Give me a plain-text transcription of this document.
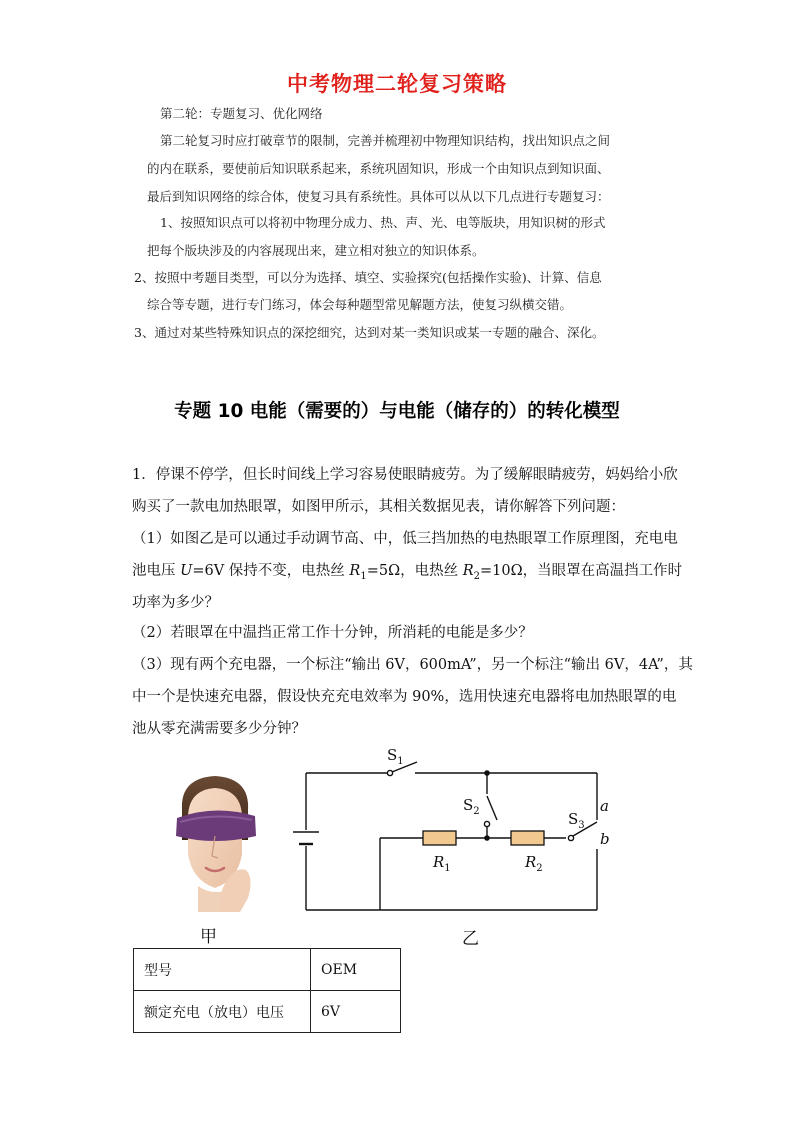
中考物理二轮复习策略
第二轮：专题复习、优化网络
第二轮复习时应打破章节的限制，完善并梳理初中物理知识结构，找出知识点之间
的内在联系，要使前后知识联系起来，系统巩固知识，形成一个由知识点到知识面、
最后到知识网络的综合体，使复习具有系统性。具体可以从以下几点进行专题复习：
1、按照知识点可以将初中物理分成力、热、声、光、电等版块，用知识树的形式
把每个版块涉及的内容展现出来，建立相对独立的知识体系。
2、按照中考题目类型，可以分为选择、填空、实验探究(包括操作实验)、计算、信息
综合等专题，进行专门练习，体会每种题型常见解题方法，使复习纵横交错。
3、通过对某些特殊知识点的深挖细究，达到对某一类知识或某一专题的融合、深化。
专题 10 电能（需要的）与电能（储存的）的转化模型
1．停课不停学，但长时间线上学习容易使眼睛疲劳。为了缓解眼睛疲劳，妈妈给小欣
购买了一款电加热眼罩，如图甲所示，其相关数据见表，请你解答下列问题：
（1）如图乙是可以通过手动调节高、中，低三挡加热的电热眼罩工作原理图，充电电
池电压 U=6V 保持不变，电热丝 $R_1=5\Omega$，电热丝 $R_2=10\Omega$，当眼罩在高温挡工作时
功率为多少？
（2）若眼罩在中温挡正常工作十分钟，所消耗的电能是多少？
（3）现有两个充电器，一个标注“输出 6V，600mA”，另一个标注“输出 6V，4A”，其
中一个是快速充电器，假设快充充电效率为 90%，选用快速充电器将电加热眼罩的电
池从零充满需要多少分钟？
甲
$S_1$
$S_2$	$S_3$
$R_1$	$R_2$
a
b
乙
型号	OEM
额定充电（放电）电压	6V
